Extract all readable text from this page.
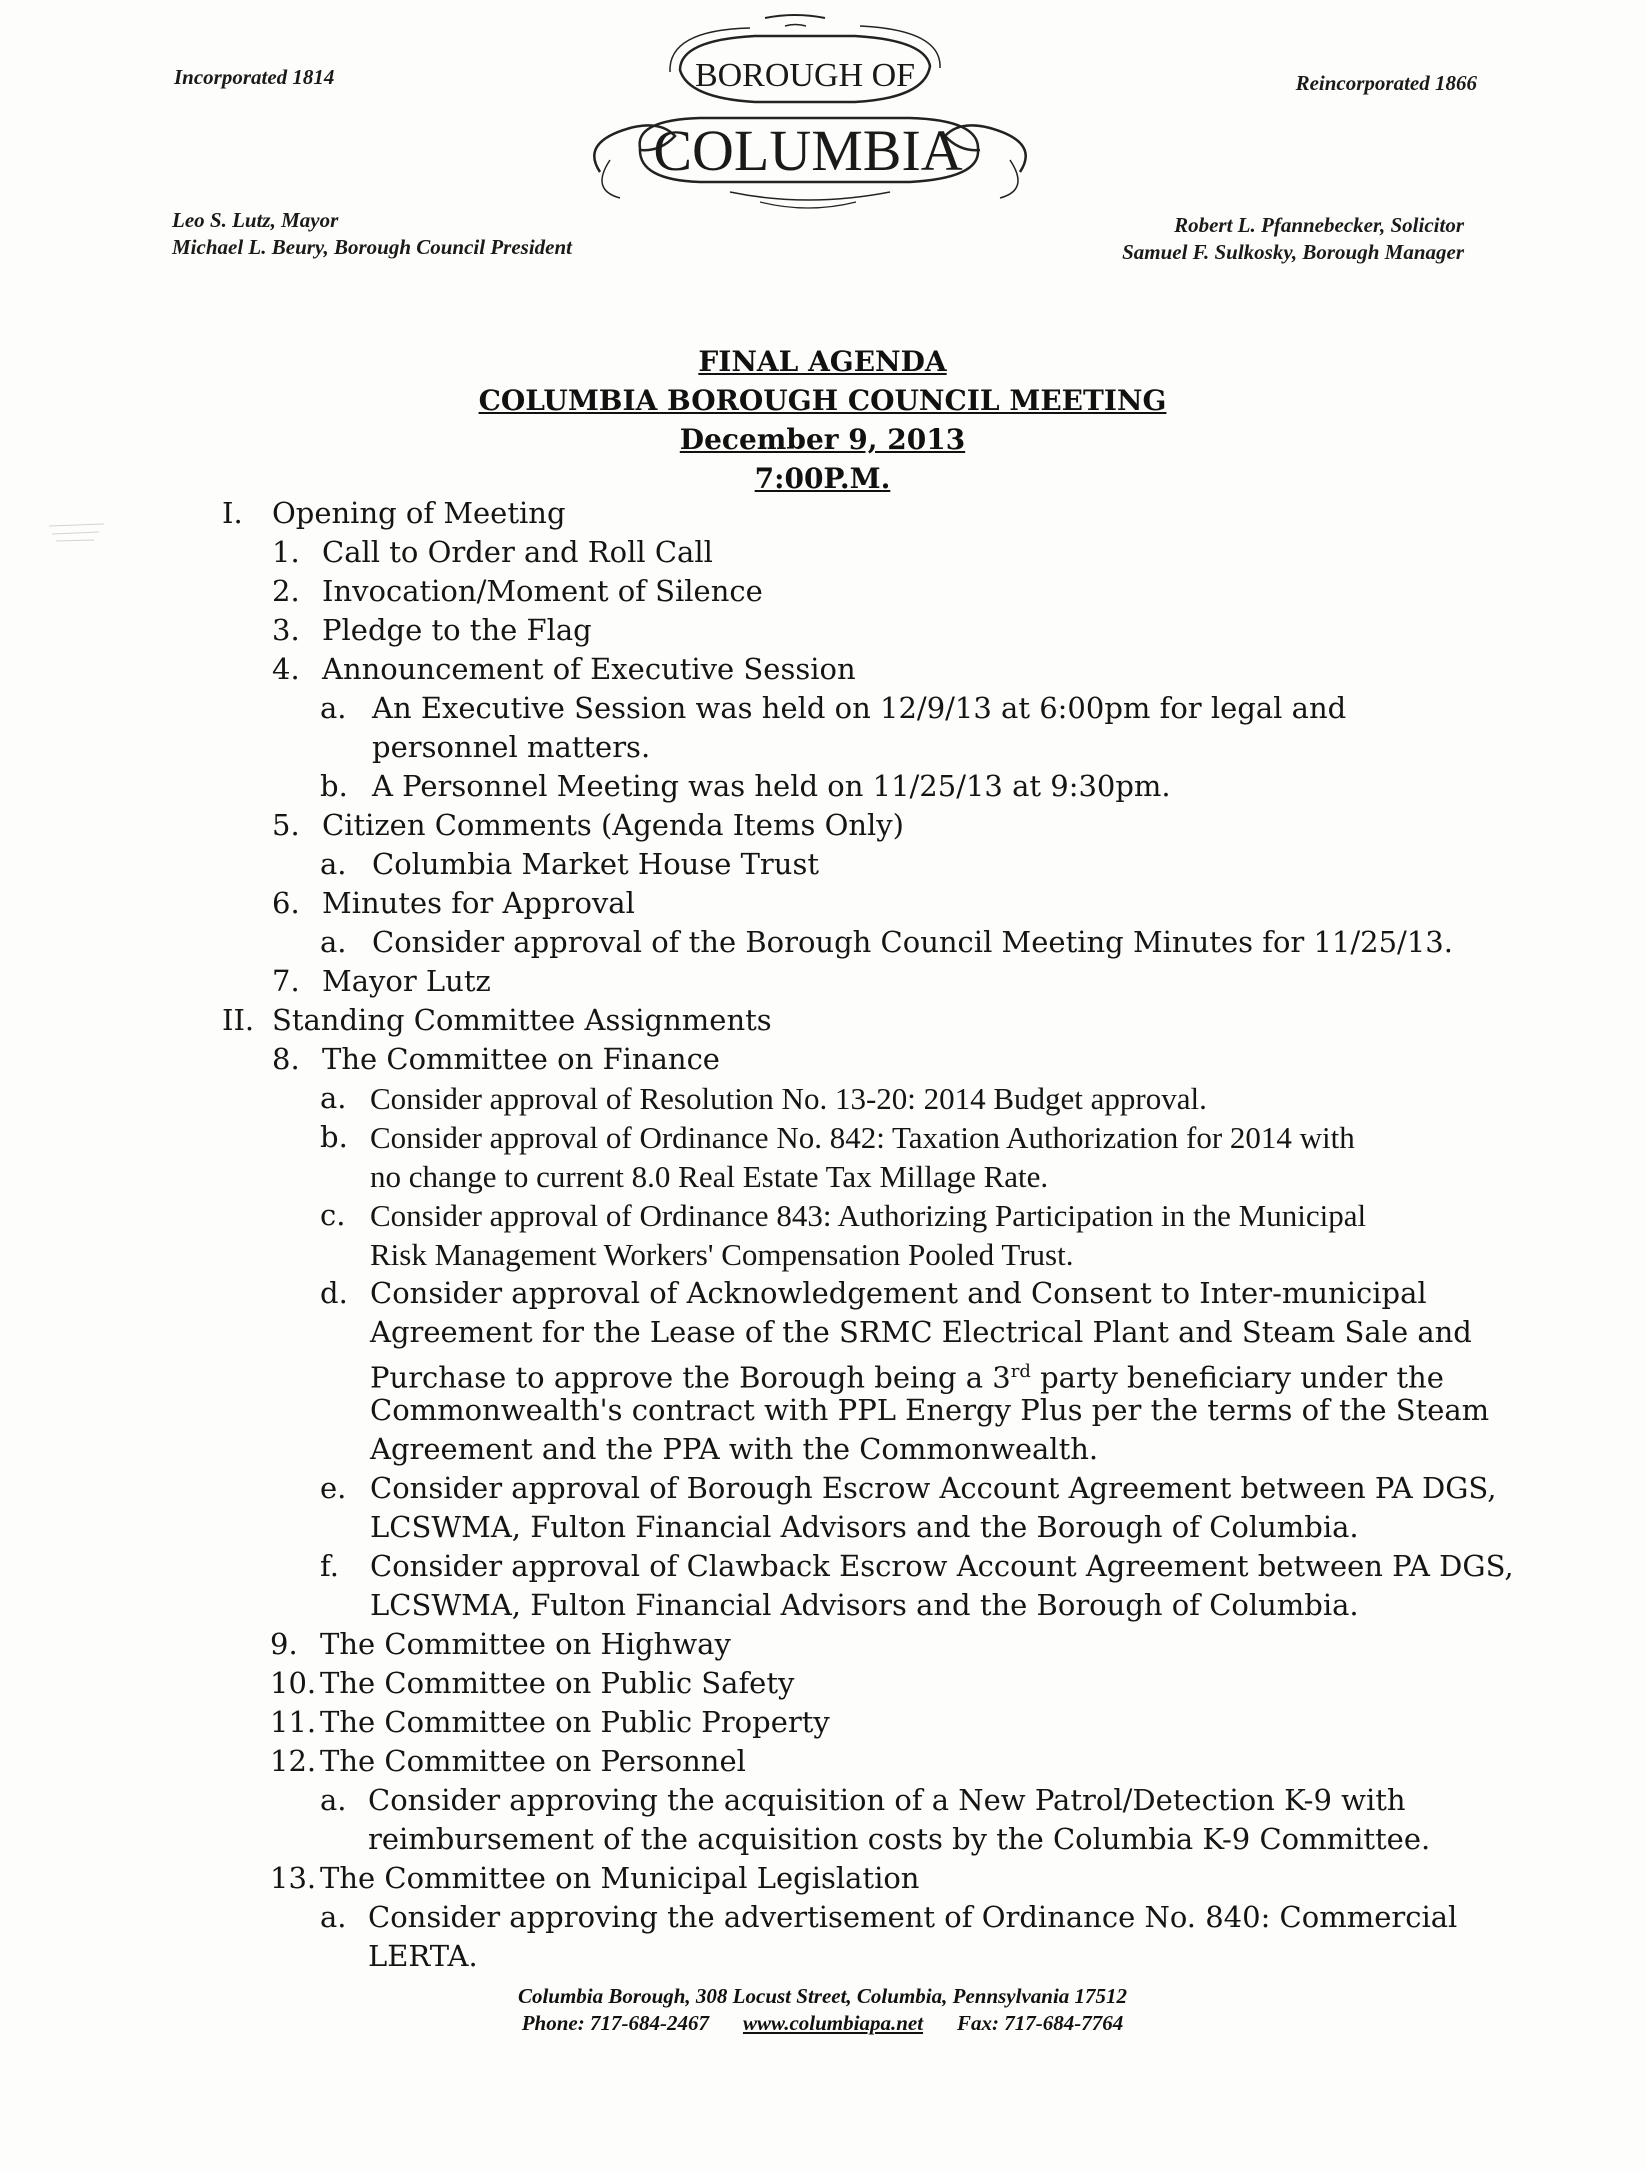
Incorporated 1814	Reincorporated 1866
Leo S. Lutz, Mayor
Michael L. Beury, Borough Council President
Robert L. Pfannebecker, Solicitor
Samuel F. Sulkosky, Borough Manager
BOROUGH OF
COLUMBIA
FINAL AGENDA
COLUMBIA BOROUGH COUNCIL MEETING
December 9, 2013
7:00P.M.
I. Opening of Meeting
1. Call to Order and Roll Call
2. Invocation/Moment of Silence
3. Pledge to the Flag
4. Announcement of Executive Session
a. An Executive Session was held on 12/9/13 at 6:00pm for legal and
personnel matters.
b. A Personnel Meeting was held on 11/25/13 at 9:30pm.
5. Citizen Comments (Agenda Items Only)
a. Columbia Market House Trust
6. Minutes for Approval
a. Consider approval of the Borough Council Meeting Minutes for 11/25/13.
7. Mayor Lutz
II. Standing Committee Assignments
8. The Committee on Finance
a. Consider approval of Resolution No. 13-20: 2014 Budget approval.
b. Consider approval of Ordinance No. 842: Taxation Authorization for 2014 with
no change to current 8.0 Real Estate Tax Millage Rate.
c. Consider approval of Ordinance 843: Authorizing Participation in the Municipal
Risk Management Workers' Compensation Pooled Trust.
d. Consider approval of Acknowledgement and Consent to Inter-municipal
Agreement for the Lease of the SRMC Electrical Plant and Steam Sale and
Purchase to approve the Borough being a 3rd party beneficiary under the
Commonwealth's contract with PPL Energy Plus per the terms of the Steam
Agreement and the PPA with the Commonwealth.
e. Consider approval of Borough Escrow Account Agreement between PA DGS,
LCSWMA, Fulton Financial Advisors and the Borough of Columbia.
f. Consider approval of Clawback Escrow Account Agreement between PA DGS,
LCSWMA, Fulton Financial Advisors and the Borough of Columbia.
9. The Committee on Highway
10. The Committee on Public Safety
11. The Committee on Public Property
12. The Committee on Personnel
a. Consider approving the acquisition of a New Patrol/Detection K-9 with
reimbursement of the acquisition costs by the Columbia K-9 Committee.
13. The Committee on Municipal Legislation
a. Consider approving the advertisement of Ordinance No. 840: Commercial
LERTA.
Columbia Borough, 308 Locust Street, Columbia, Pennsylvania 17512
Phone: 717-684-2467 www.columbiapa.net Fax: 717-684-7764
